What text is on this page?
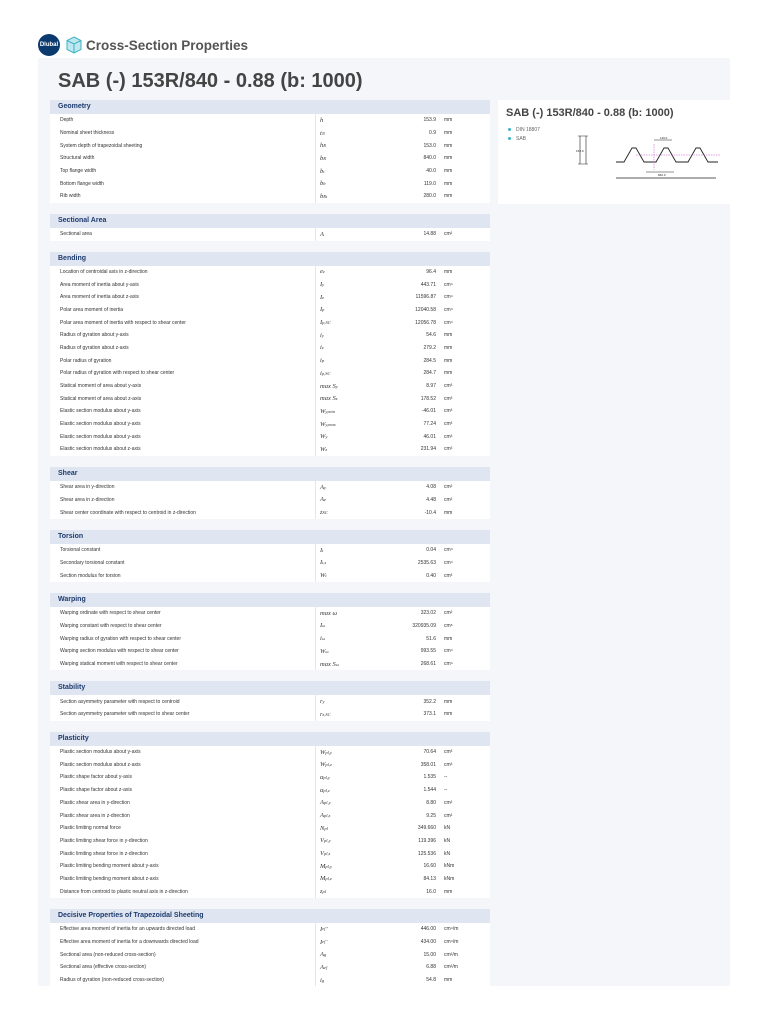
Dlubal Cross-Section Properties
SAB (-) 153R/840 - 0.88 (b: 1000)
Geometry
Depth	h	153.9	mm
Nominal sheet thickness	t N	0.9	mm
System depth of trapezoidal sheeting	h R	153.0	mm
Structural width	b R	840.0	mm
Top flange width	b t	40.0	mm
Bottom flange width	b b	119.0	mm
Rib width	b Rt	280.0	mm
Sectional Area
Sectional area	A	14.88	cm²
Bending
Location of centroidal axis in z-direction	e z	96.4	mm
Area moment of inertia about y-axis	I y	443.71	cm⁴
Area moment of inertia about z-axis	I z	11596.87	cm⁴
Polar area moment of inertia	I p	12040.58	cm⁴
Polar area moment of inertia with respect to shear center	I p,SC	12056.78	cm⁴
Radius of gyration about y-axis	i y	54.6	mm
Radius of gyration about z-axis	i z	279.2	mm
Polar radius of gyration	i p	284.5	mm
Polar radius of gyration with respect to shear center	i p,SC	284.7	mm
Statical moment of area about y-axis	max S y	8.97	cm³
Statical moment of area about z-axis	max S z	178.52	cm³
Elastic section modulus about y-axis	W y,min	-46.01	cm³
Elastic section modulus about y-axis	W y,max	77.24	cm³
Elastic section modulus about y-axis	W y	46.01	cm³
Elastic section modulus about z-axis	W z	231.94	cm³
Shear
Shear area in y-direction	A y	4.08	cm²
Shear area in z-direction	A z	4.48	cm²
Shear center coordinate with respect to centroid in z-direction	z SC	-10.4	mm
Torsion
Torsional constant	I t	0.04	cm⁴
Secondary torsional constant	I t,s	2535.63	cm⁴
Section modulus for torsion	W t	0.40	cm³
Warping
Warping ordinate with respect to shear center	max ω	323.02	cm²
Warping constant with respect to shear center	I ω	320935.09	cm⁶
Warping radius of gyration with respect to shear center	i ω	51.6	mm
Warping section modulus with respect to shear center	W ω	993.55	cm⁴
Warping statical moment with respect to shear center	max S ω	268.61	cm⁴
Stability
Section asymmetry parameter with respect to centroid	r y	352.2	mm
Section asymmetry parameter with respect to shear center	r z,SC	373.1	mm
Plasticity
Plastic section modulus about y-axis	W pl,y	70.64	cm³
Plastic section modulus about z-axis	W pl,z	358.01	cm³
Plastic shape factor about y-axis	α pl,y	1.535	--
Plastic shape factor about z-axis	α pl,z	1.544	--
Plastic shear area in y-direction	A pl,y	8.80	cm²
Plastic shear area in z-direction	A pl,z	9.25	cm²
Plastic limiting normal force	N pl	349.660	kN
Plastic limiting shear force in y-direction	V pl,y	119.396	kN
Plastic limiting shear force in z-direction	V pl,z	125.536	kN
Plastic limiting bending moment about y-axis	M pl,y	16.60	kNm
Plastic limiting bending moment about z-axis	M pl,z	84.13	kNm
Distance from centroid to plastic neutral axis in z-direction	z pl	16.0	mm
Decisive Properties of Trapezoidal Sheeting
Effective area moment of inertia for an upwards directed load	I ef⁺	446.00	cm⁴/m
Effective area moment of inertia for a downwards directed load	I ef⁻	434.00	cm⁴/m
Sectional area (non-reduced cross-section)	A g	15.00	cm²/m
Sectional area (effective cross-section)	A ef	6.88	cm²/m
Radius of gyration (non-reduced cross-section)	i g	54.8	mm
SAB (-) 153R/840 - 0.88 (b: 1000)
DIN 18807
SAB	119.0
840.0
153.9
